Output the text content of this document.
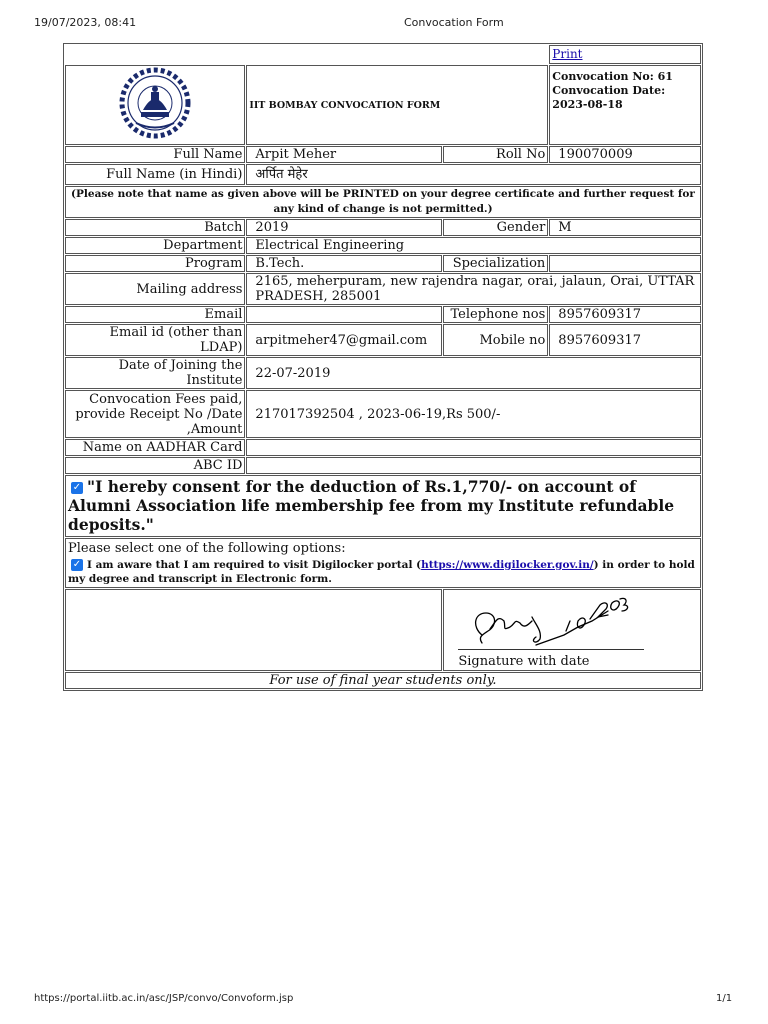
19/07/2023, 08:41	Convocation Form
			Print
	IIT BOMBAY CONVOCATION FORM		Convocation No: 61
Convocation Date: 2023-08-18

Full Name	Arpit Meher	Roll No	190070009
Full Name (in Hindi)	अर्पित मेहेर		
(Please note that name as given above will be PRINTED on your degree certificate and further request for any kind of change is not permitted.)			
Batch	2019	Gender	M
Department	Electrical Engineering		
Program	B.Tech.	Specialization	
Mailing address	2165, meherpuram, new rajendra nagar, orai, jalaun, Orai, UTTAR PRADESH, 285001		
Email		Telephone nos	8957609317
Email id (other than LDAP)	arpitmeher47@gmail.com	Mobile no	8957609317
Date of Joining the Institute	22-07-2019		
Convocation Fees paid, provide Receipt No /Date ,Amount	217017392504 , 2023-06-19,Rs 500/-		
Name on AADHAR Card			
ABC ID			
✓ "I hereby consent for the deduction of Rs.1,770/- on account of Alumni Association life membership fee from my Institute refundable deposits."			

Please select one of the following options:
✓ I am aware that I am required to visit Digilocker portal (https://www.digilocker.gov.in/) in order to hold my degree and transcript in Electronic form.			

		Signature with date	

For use of final year students only.			
https://portal.iitb.ac.in/asc/JSP/convo/Convoform.jsp	1/1
